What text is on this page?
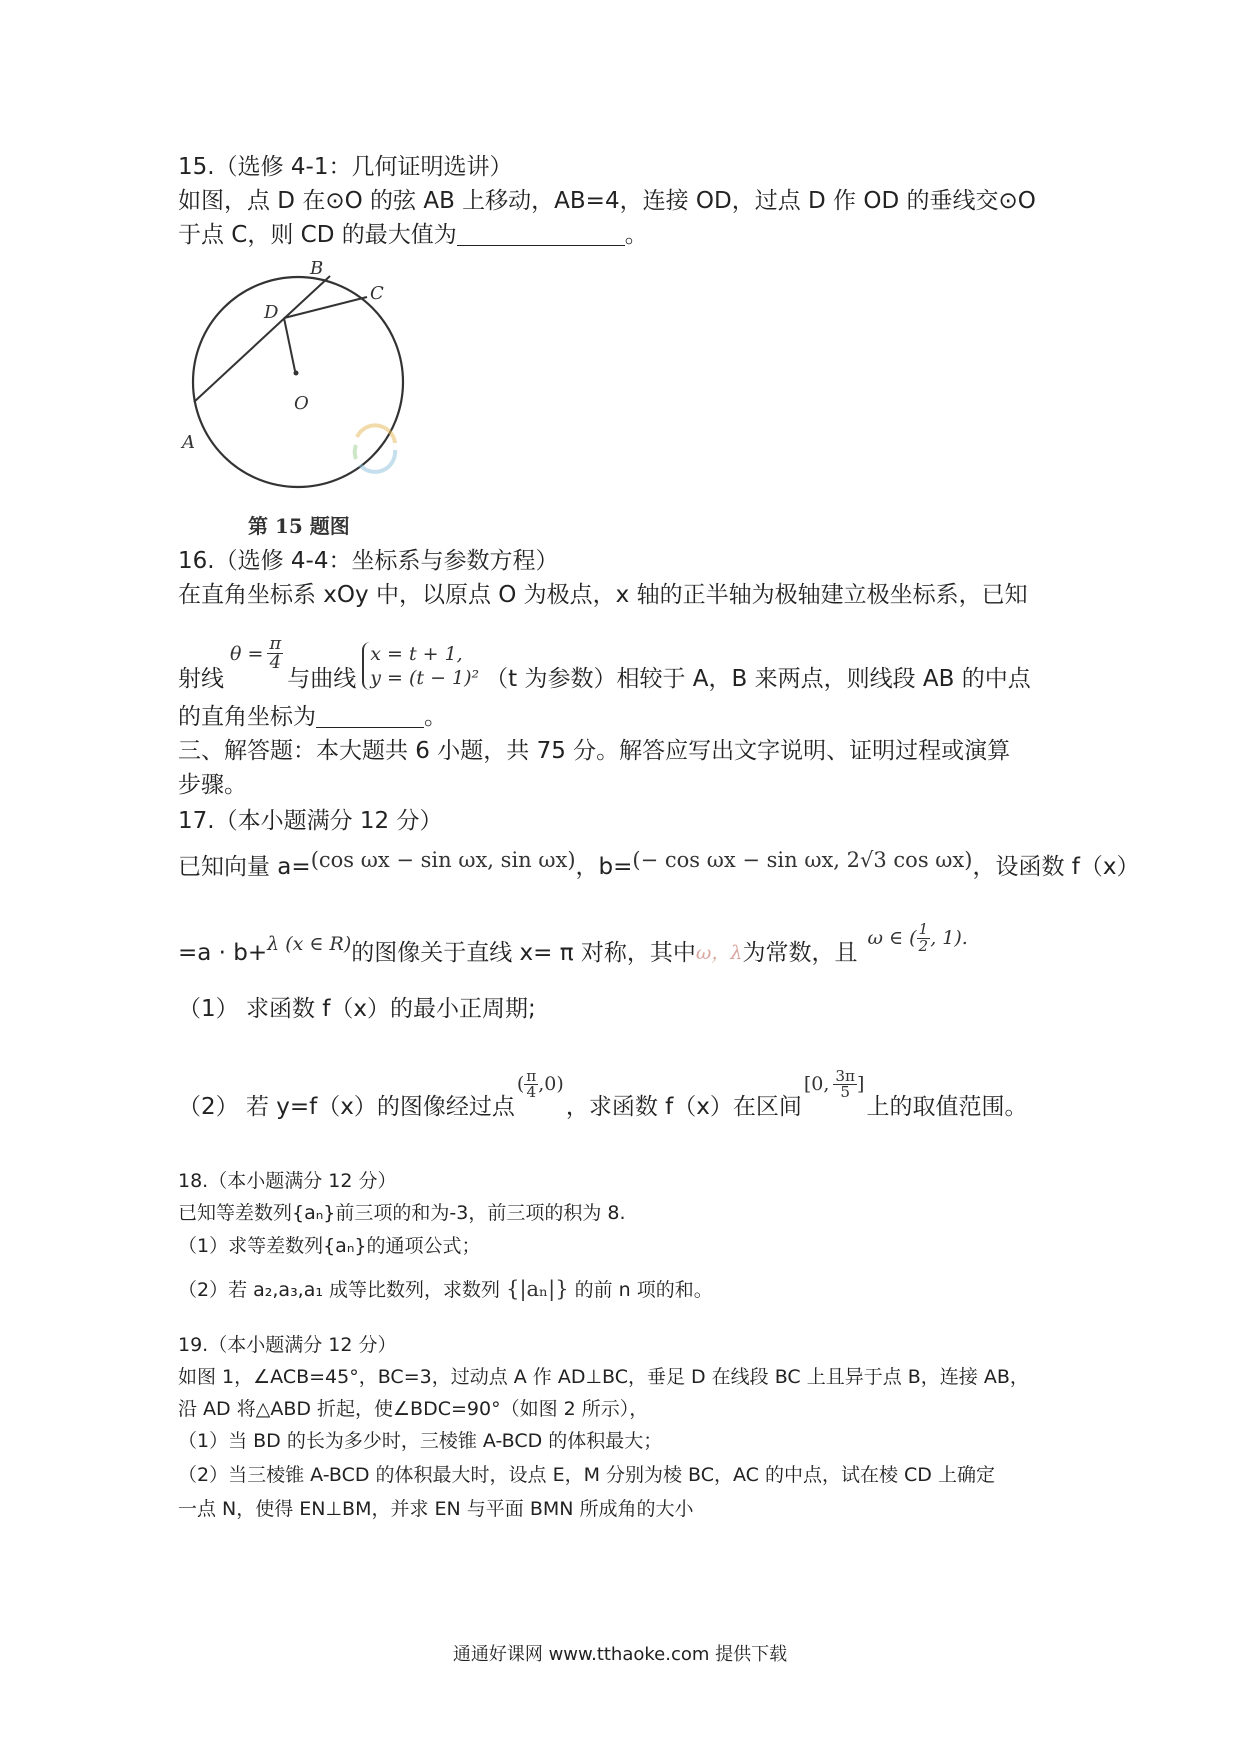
15.（选修 4-1：几何证明选讲）
如图，点 D 在⊙O 的弦 AB 上移动，AB=4，连接 OD，过点 D 作 OD 的垂线交⊙O
于点 C，则 CD 的最大值为	。
B
C
D
O
A
第 15 题图
16.（选修 4-4：坐标系与参数方程）
在直角坐标系 xOy 中，以原点 O 为极点，x 轴的正半轴为极轴建立极坐标系，已知
射线
$\theta = \frac{\pi}{4}$
与曲线
x = t + 1,
y = (t − 1)² （t 为参数）相较于 A，B 来两点，则线段 AB 的中点
的直角坐标为	。
三、解答题：本大题共 6 小题，共 75 分。解答应写出文字说明、证明过程或演算
步骤。
17.（本小题满分 12 分）
已知向量 a= (cos ωx − sin ωx, sin ωx) ，b= (− cos ωx − sin ωx, 2√3 cos ωx) ，设函数 f（x）
=a · b+ λ (x ∈ R) 的图像关于直线 x= π 对称，其中 ω，λ 为常数，且
ω ∈ ( $\frac{1}{2}$ , 1).
（1） 求函数 f（x）的最小正周期;
（2） 若 y=f（x）的图像经过点
( $\frac{\pi}{4} ,0$)
，求函数 f（x）在区间
[0, $\frac{3\pi}{5}$ ]
上的取值范围。
18.（本小题满分 12 分）
已知等差数列{aₙ}前三项的和为-3，前三项的积为 8.
（1）求等差数列{aₙ}的通项公式；
（2）若 a₂,a₃,a₁ 成等比数列，求数列 {|aₙ|} 的前 n 项的和。
19.（本小题满分 12 分）
如图 1，∠ACB=45°，BC=3，过动点 A 作 AD⊥BC，垂足 D 在线段 BC 上且异于点 B，连接 AB，
沿 AD 将△ABD 折起，使∠BDC=90°（如图 2 所示），
（1）当 BD 的长为多少时，三棱锥 A-BCD 的体积最大；
（2）当三棱锥 A-BCD 的体积最大时，设点 E，M 分别为棱 BC，AC 的中点，试在棱 CD 上确定
一点 N，使得 EN⊥BM，并求 EN 与平面 BMN 所成角的大小
通通好课网 www.tthaoke.com 提供下载
